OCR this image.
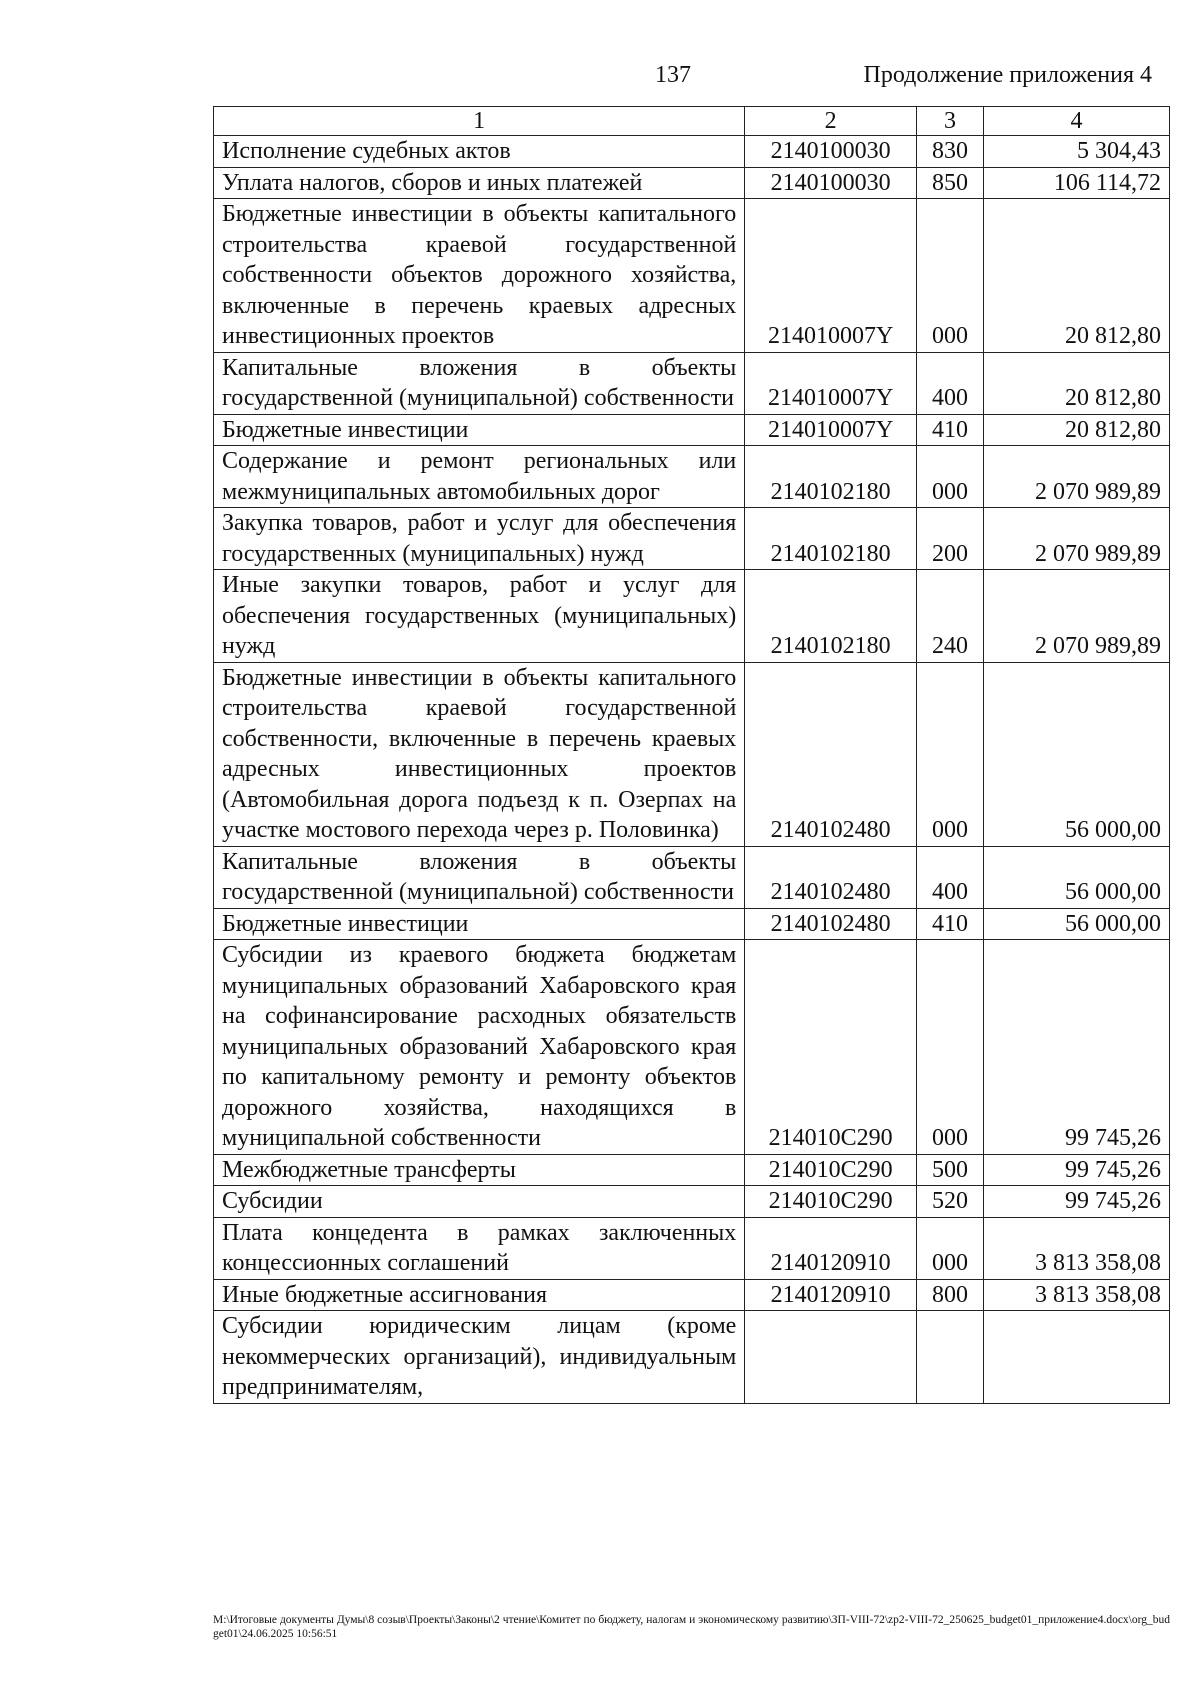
137	Продолжение приложения 4
1	2	3	4
Исполнение судебных актов	2140100030	830	5 304,43
Уплата налогов, сборов и иных платежей	2140100030	850	106 114,72
Бюджетные инвестиции в объекты капитального строительства краевой государственной собственности объектов дорожного хозяйства, включенные в перечень краевых адресных инвестиционных проектов	214010007Y	000	20 812,80
Капитальные вложения в объекты государственной (муниципальной) собственности	214010007Y	400	20 812,80
Бюджетные инвестиции	214010007Y	410	20 812,80
Содержание и ремонт региональных или межмуниципальных автомобильных дорог	2140102180	000	2 070 989,89
Закупка товаров, работ и услуг для обеспечения государственных (муниципальных) нужд	2140102180	200	2 070 989,89
Иные закупки товаров, работ и услуг для обеспечения государственных (муниципальных) нужд	2140102180	240	2 070 989,89
Бюджетные инвестиции в объекты капитального строительства краевой государственной собственности, включенные в перечень краевых адресных инвестиционных проектов (Автомобильная дорога подъезд к п. Озерпах на участке мостового перехода через р. Половинка)	2140102480	000	56 000,00
Капитальные вложения в объекты государственной (муниципальной) собственности	2140102480	400	56 000,00
Бюджетные инвестиции	2140102480	410	56 000,00
Субсидии из краевого бюджета бюджетам муниципальных образований Хабаровского края на софинансирование расходных обязательств муниципальных образований Хабаровского края по капитальному ремонту и ремонту объектов дорожного хозяйства, находящихся в муниципальной собственности	214010С290	000	99 745,26
Межбюджетные трансферты	214010С290	500	99 745,26
Субсидии	214010С290	520	99 745,26
Плата концедента в рамках заключенных концессионных соглашений	2140120910	000	3 813 358,08
Иные бюджетные ассигнования	2140120910	800	3 813 358,08
Субсидии юридическим лицам (кроме некоммерческих организаций), индивидуальным предпринимателям,			
M:\Итоговые документы Думы\8 созыв\Проекты\Законы\2 чтение\Комитет по бюджету, налогам и экономическому развитию\ЗП-VIII-72\zp2-VIII-72_250625_budget01_приложение4.docx\org_budget01\24.06.2025 10:56:51
